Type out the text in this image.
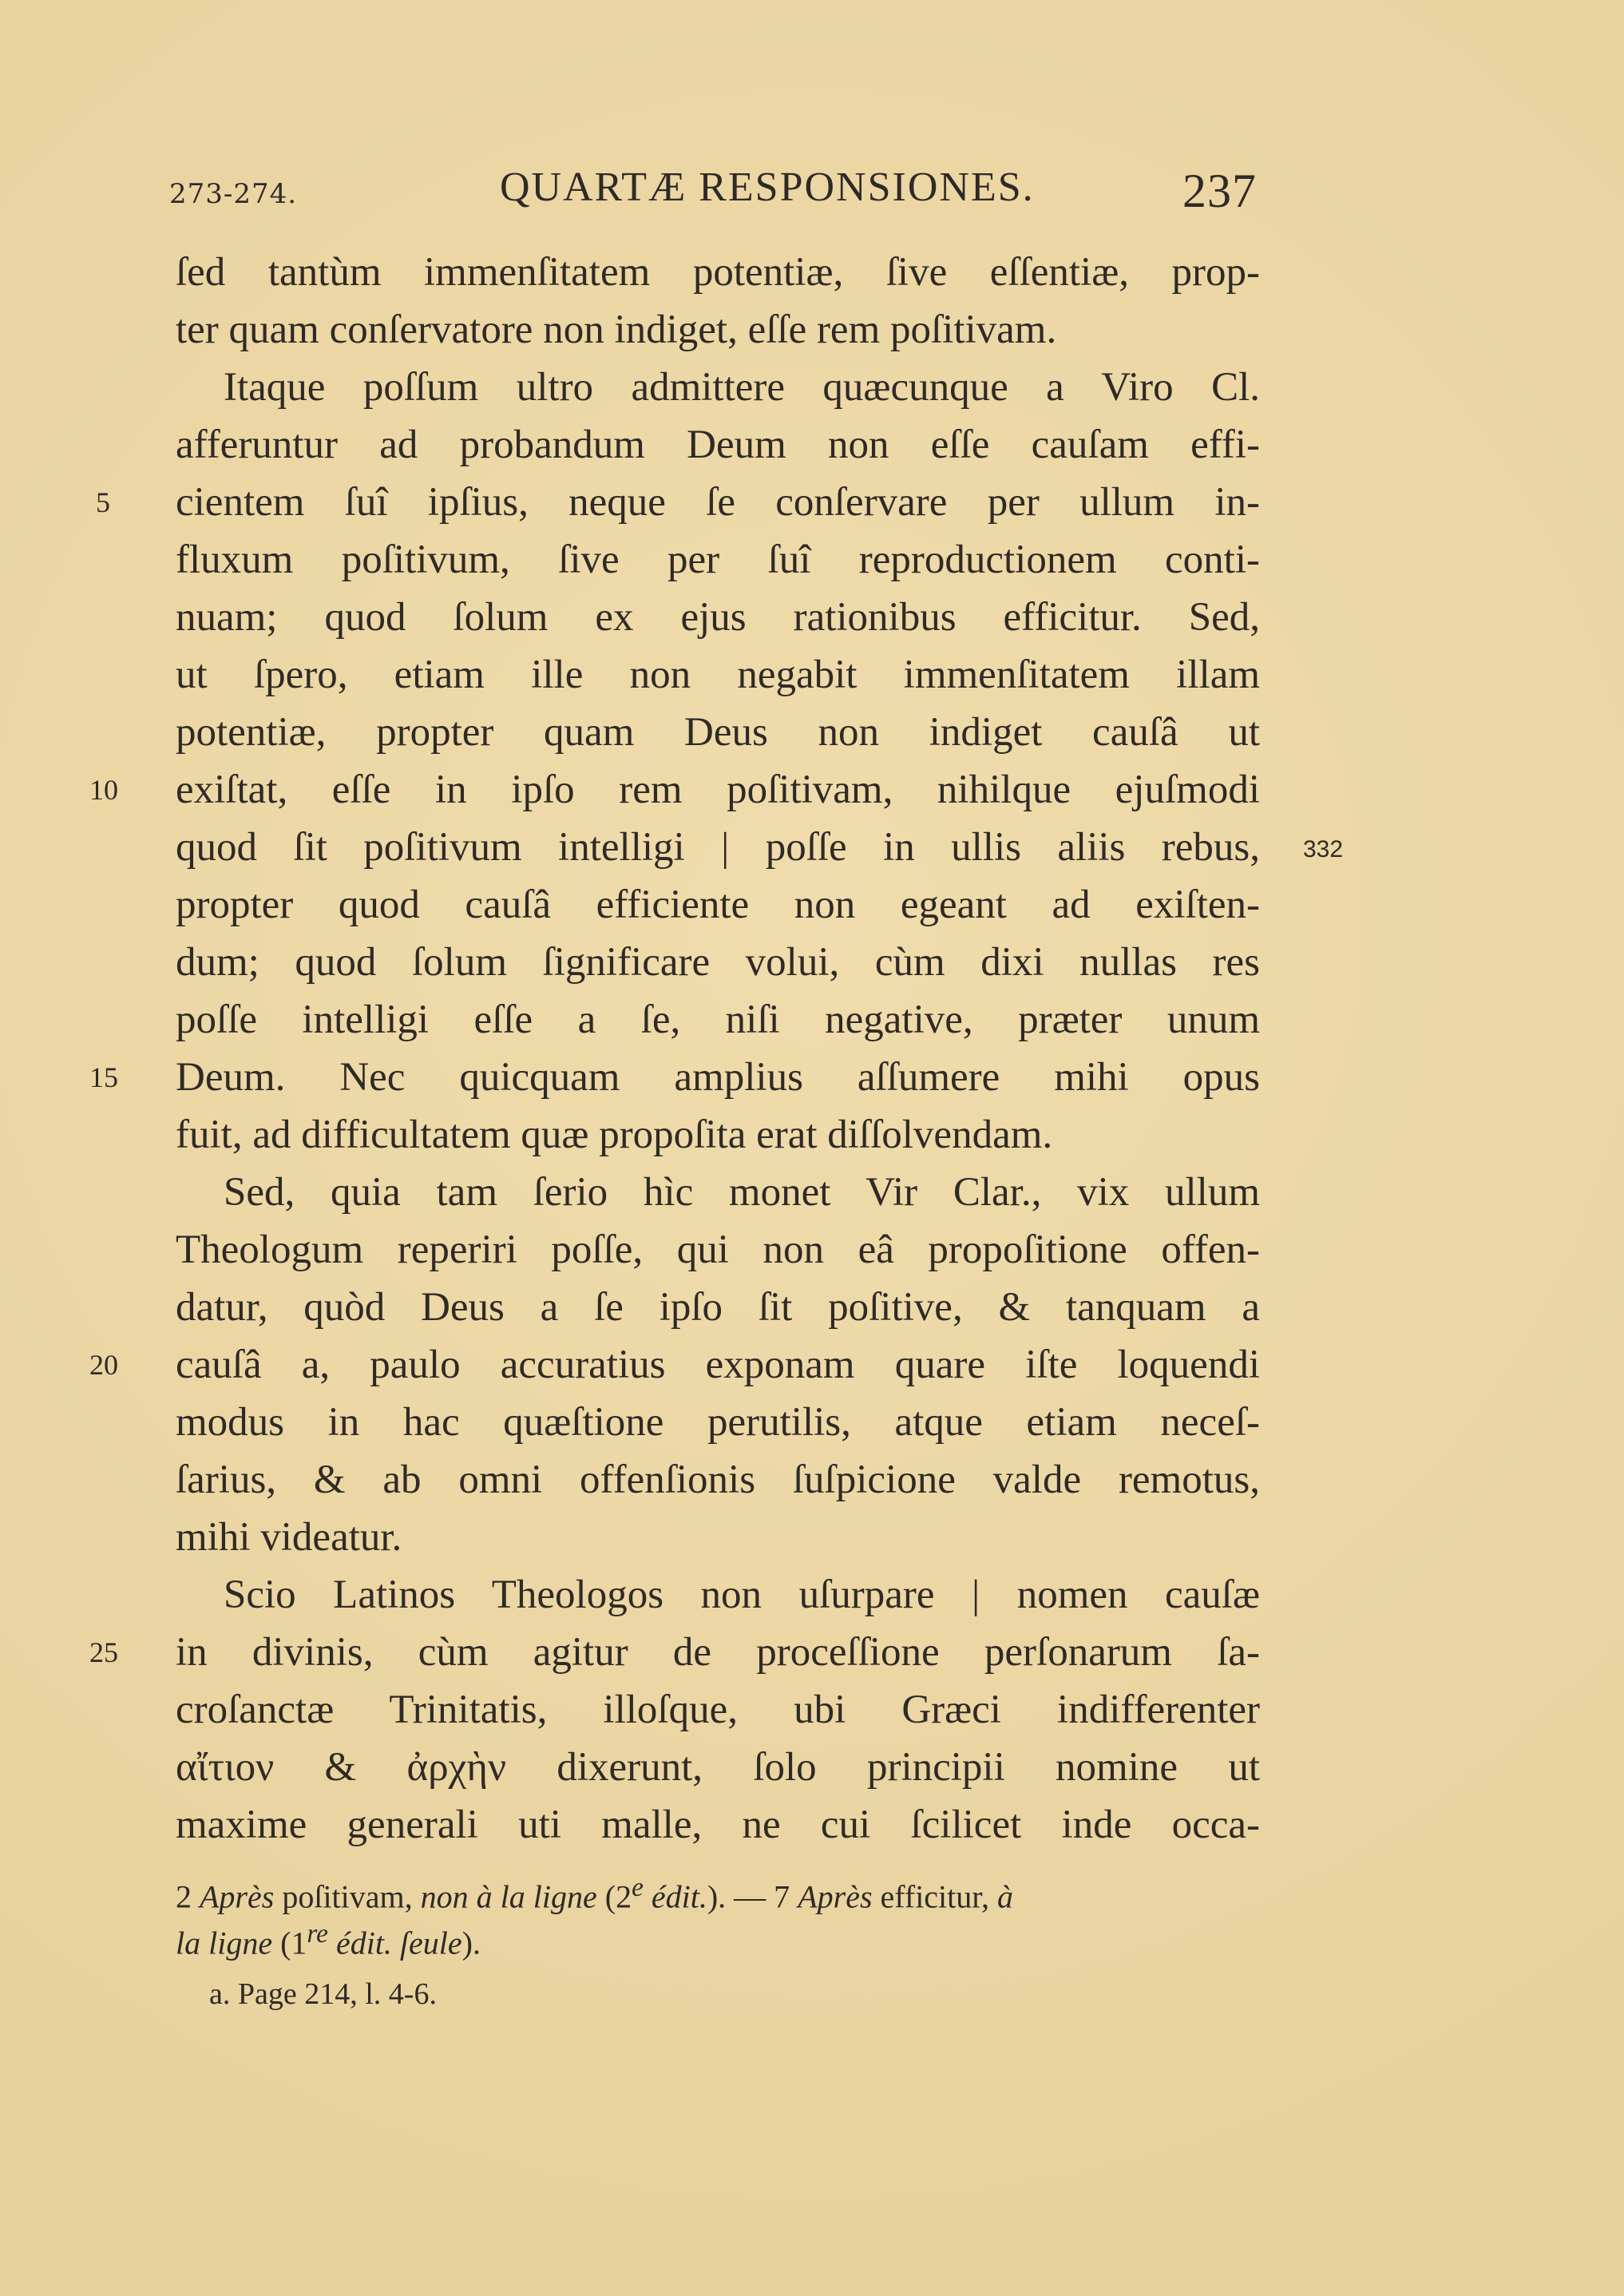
273-274.	QUARTÆ RESPONSIONES.	237
ſed tantùm immenſitatem potentiæ, ſive eſſentiæ, prop-
ter quam conſervatore non indiget, eſſe rem poſitivam.
Itaque poſſum ultro admittere quæcunque a Viro Cl.
afferuntur ad probandum Deum non eſſe cauſam effi-
cientem ſuî ipſius, neque ſe conſervare per ullum in-
fluxum poſitivum, ſive per ſuî reproductionem conti-
nuam; quod ſolum ex ejus rationibus efficitur. Sed,
ut ſpero, etiam ille non negabit immenſitatem illam
potentiæ, propter quam Deus non indiget cauſâ ut
exiſtat, eſſe in ipſo rem poſitivam, nihilque ejuſmodi
quod ſit poſitivum intelligi | poſſe in ullis aliis rebus,
propter quod cauſâ efficiente non egeant ad exiſten-
dum; quod ſolum ſignificare volui, cùm dixi nullas res
poſſe intelligi eſſe a ſe, niſi negative, præter unum
Deum. Nec quicquam amplius aſſumere mihi opus
fuit, ad difficultatem quæ propoſita erat diſſolvendam.
Sed, quia tam ſerio hìc monet Vir Clar., vix ullum
Theologum reperiri poſſe, qui non eâ propoſitione offen-
datur, quòd Deus a ſe ipſo ſit poſitive, & tanquam a
cauſâ a, paulo accuratius exponam quare iſte loquendi
modus in hac quæſtione perutilis, atque etiam neceſ-
ſarius, & ab omni offenſionis ſuſpicione valde remotus,
mihi videatur.
Scio Latinos Theologos non uſurpare | nomen cauſæ
in divinis, cùm agitur de proceſſione perſonarum ſa-
croſanctæ Trinitatis, illoſque, ubi Græci indifferenter
αἴτιον & ἀρχὴν dixerunt, ſolo principii nomine ut
maxime generali uti malle, ne cui ſcilicet inde occa-
5
10
15
20
25
332
2 Après poſitivam, non à la ligne (2e édit.). — 7 Après efficitur, à
la ligne (1re édit. ſeule).
a. Page 214, l. 4-6.
